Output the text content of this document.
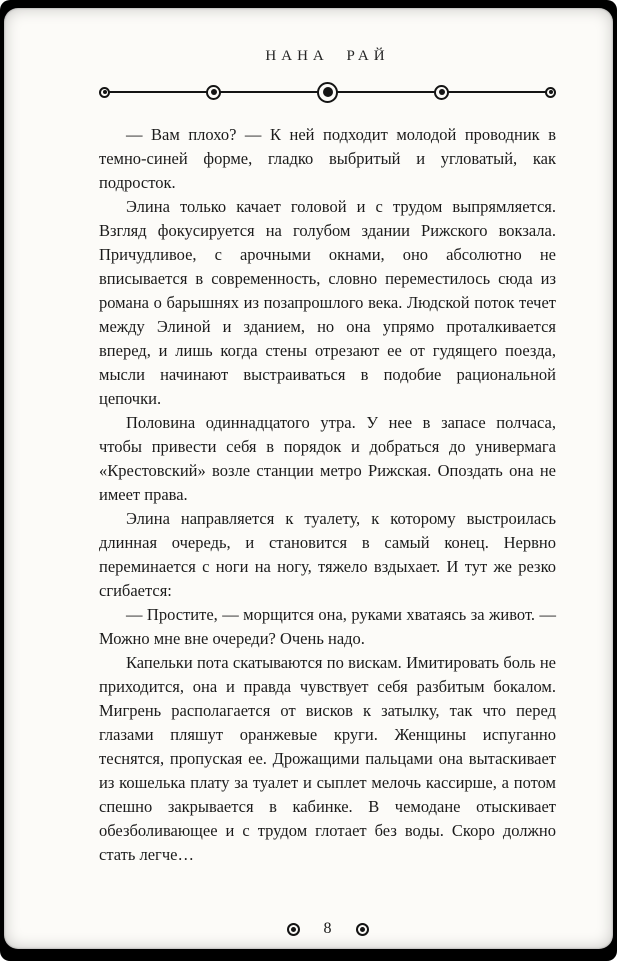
НАНА РАЙ

— Вам плохо? — К ней подходит молодой проводник в темно-синей форме, гладко выбритый и угловатый, как подросток.

Элина только качает головой и с трудом выпрямляется. Взгляд фокусируется на голубом здании Рижского вокзала. Причудливое, с арочными окнами, оно абсолютно не вписывается в современность, словно переместилось сюда из романа о барышнях из позапрошлого века. Людской поток течет между Элиной и зданием, но она упрямо проталкивается вперед, и лишь когда стены отрезают ее от гудящего поезда, мысли начинают выстраиваться в подобие рациональной цепочки.

Половина одиннадцатого утра. У нее в запасе полчаса, чтобы привести себя в порядок и добраться до универмага «Крестовский» возле станции метро Рижская. Опоздать она не имеет права.

Элина направляется к туалету, к которому выстроилась длинная очередь, и становится в самый конец. Нервно переминается с ноги на ногу, тяжело вздыхает. И тут же резко сгибается:

— Простите, — морщится она, руками хватаясь за живот. — Можно мне вне очереди? Очень надо.

Капельки пота скатываются по вискам. Имитировать боль не приходится, она и правда чувствует себя разбитым бокалом. Мигрень располагается от висков к затылку, так что перед глазами пляшут оранжевые круги. Женщины испуганно теснятся, пропуская ее. Дрожащими пальцами она вытаскивает из кошелька плату за туалет и сыплет мелочь кассирше, а потом спешно закрывается в кабинке. В чемодане отыскивает обезболивающее и с трудом глотает без воды. Скоро должно стать легче…

8
